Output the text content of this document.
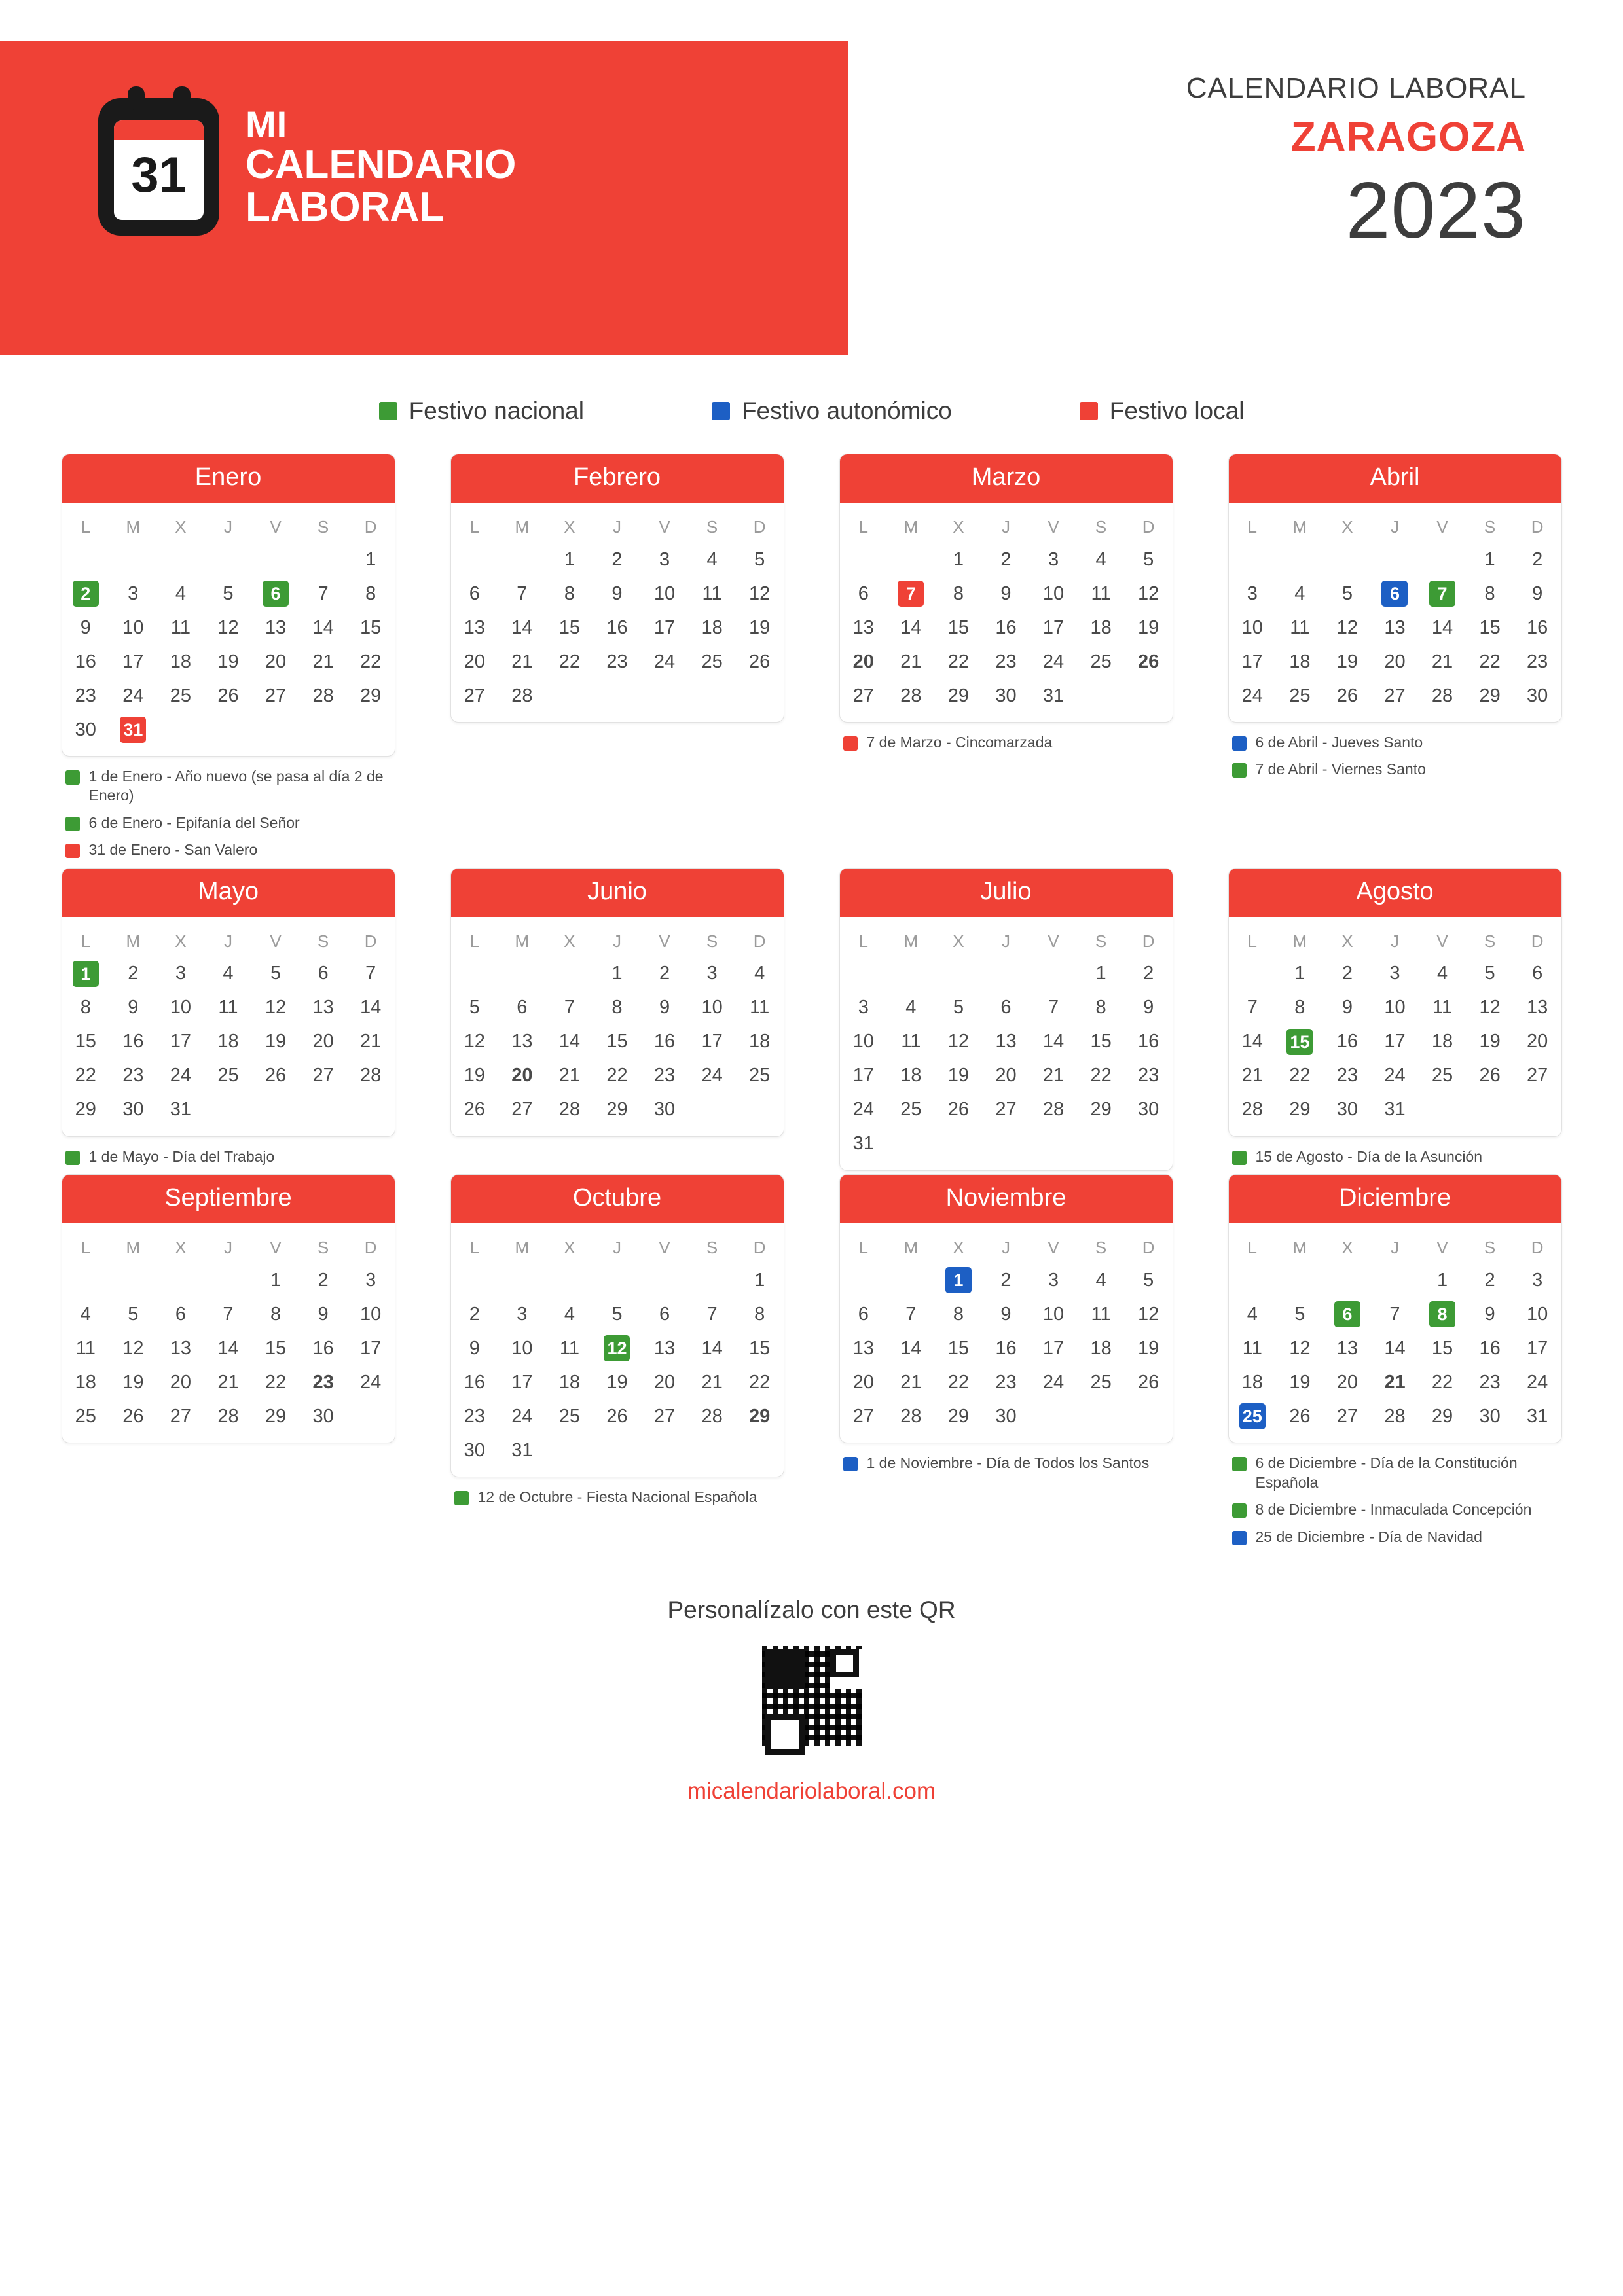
31
MI
CALENDARIO
LABORAL
CALENDARIO LABORAL
ZARAGOZA
2023
Festivo nacional	Festivo autonómico	Festivo local
Enero
L	M	X	J	V	S	D
						1
2	3	4	5	6	7	8
9	10	11	12	13	14	15
16	17	18	19	20	21	22
23	24	25	26	27	28	29
30	31					
1 de Enero - Año nuevo (se pasa al día 2 de Enero)
6 de Enero - Epifanía del Señor
31 de Enero - San Valero
Febrero
L	M	X	J	V	S	D
		1	2	3	4	5
6	7	8	9	10	11	12
13	14	15	16	17	18	19
20	21	22	23	24	25	26
27	28					
Marzo
L	M	X	J	V	S	D
		1	2	3	4	5
6	7	8	9	10	11	12
13	14	15	16	17	18	19
20	21	22	23	24	25	26
27	28	29	30	31		
7 de Marzo - Cincomarzada
Abril
L	M	X	J	V	S	D
					1	2
3	4	5	6	7	8	9
10	11	12	13	14	15	16
17	18	19	20	21	22	23
24	25	26	27	28	29	30
6 de Abril - Jueves Santo
7 de Abril - Viernes Santo
Mayo
L	M	X	J	V	S	D
1	2	3	4	5	6	7
8	9	10	11	12	13	14
15	16	17	18	19	20	21
22	23	24	25	26	27	28
29	30	31				
1 de Mayo - Día del Trabajo
Junio
L	M	X	J	V	S	D
			1	2	3	4
5	6	7	8	9	10	11
12	13	14	15	16	17	18
19	20	21	22	23	24	25
26	27	28	29	30		
Julio
L	M	X	J	V	S	D
					1	2
3	4	5	6	7	8	9
10	11	12	13	14	15	16
17	18	19	20	21	22	23
24	25	26	27	28	29	30
31						
Agosto
L	M	X	J	V	S	D
	1	2	3	4	5	6
7	8	9	10	11	12	13
14	15	16	17	18	19	20
21	22	23	24	25	26	27
28	29	30	31			
15 de Agosto - Día de la Asunción
Septiembre
L	M	X	J	V	S	D
				1	2	3
4	5	6	7	8	9	10
11	12	13	14	15	16	17
18	19	20	21	22	23	24
25	26	27	28	29	30	
Octubre
L	M	X	J	V	S	D
						1
2	3	4	5	6	7	8
9	10	11	12	13	14	15
16	17	18	19	20	21	22
23	24	25	26	27	28	29
30	31					
12 de Octubre - Fiesta Nacional Española
Noviembre
L	M	X	J	V	S	D
		1	2	3	4	5
6	7	8	9	10	11	12
13	14	15	16	17	18	19
20	21	22	23	24	25	26
27	28	29	30			
1 de Noviembre - Día de Todos los Santos
Diciembre
L	M	X	J	V	S	D
				1	2	3
4	5	6	7	8	9	10
11	12	13	14	15	16	17
18	19	20	21	22	23	24
25	26	27	28	29	30	31
6 de Diciembre - Día de la Constitución Española
8 de Diciembre - Inmaculada Concepción
25 de Diciembre - Día de Navidad
Personalízalo con este QR
micalendariolaboral.com
